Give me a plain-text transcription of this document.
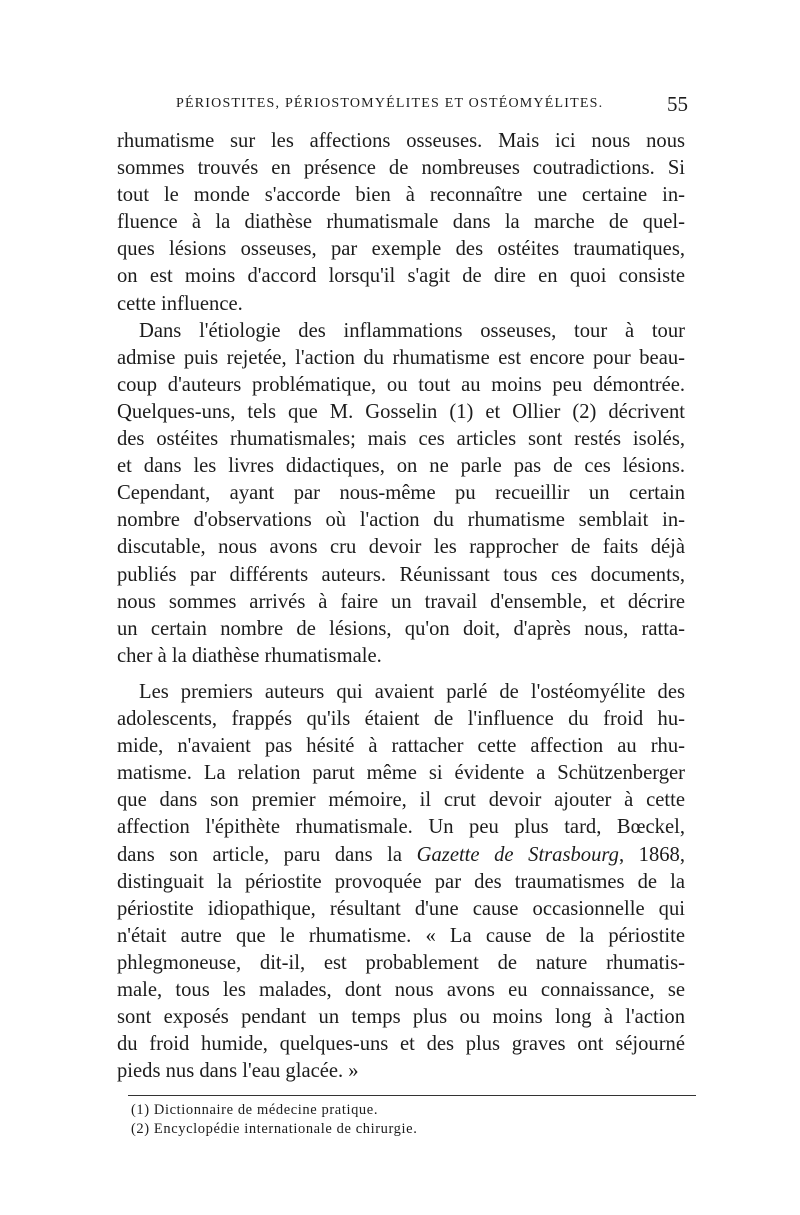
PÉRIOSTITES, PÉRIOSTOMYÉLITES ET OSTÉOMYÉLITES.	55
rhumatisme sur les affections osseuses. Mais ici nous nous
sommes trouvés en présence de nombreuses coutradictions. Si
tout le monde s'accorde bien à reconnaître une certaine in-
fluence à la diathèse rhumatismale dans la marche de quel-
ques lésions osseuses, par exemple des ostéites traumatiques,
on est moins d'accord lorsqu'il s'agit de dire en quoi consiste
cette influence.
Dans l'étiologie des inflammations osseuses, tour à tour
admise puis rejetée, l'action du rhumatisme est encore pour beau-
coup d'auteurs problématique, ou tout au moins peu démontrée.
Quelques-uns, tels que M. Gosselin (1) et Ollier (2) décrivent
des ostéites rhumatismales; mais ces articles sont restés isolés,
et dans les livres didactiques, on ne parle pas de ces lésions.
Cependant, ayant par nous-même pu recueillir un certain
nombre d'observations où l'action du rhumatisme semblait in-
discutable, nous avons cru devoir les rapprocher de faits déjà
publiés par différents auteurs. Réunissant tous ces documents,
nous sommes arrivés à faire un travail d'ensemble, et décrire
un certain nombre de lésions, qu'on doit, d'après nous, ratta-
cher à la diathèse rhumatismale.
Les premiers auteurs qui avaient parlé de l'ostéomyélite des
adolescents, frappés qu'ils étaient de l'influence du froid hu-
mide, n'avaient pas hésité à rattacher cette affection au rhu-
matisme. La relation parut même si évidente a Schützenberger
que dans son premier mémoire, il crut devoir ajouter à cette
affection l'épithète rhumatismale. Un peu plus tard, Bœckel,
dans son article, paru dans la Gazette de Strasbourg, 1868,
distinguait la périostite provoquée par des traumatismes de la
périostite idiopathique, résultant d'une cause occasionnelle qui
n'était autre que le rhumatisme. « La cause de la périostite
phlegmoneuse, dit-il, est probablement de nature rhumatis-
male, tous les malades, dont nous avons eu connaissance, se
sont exposés pendant un temps plus ou moins long à l'action
du froid humide, quelques-uns et des plus graves ont séjourné
pieds nus dans l'eau glacée. »
(1) Dictionnaire de médecine pratique.
(2) Encyclopédie internationale de chirurgie.
